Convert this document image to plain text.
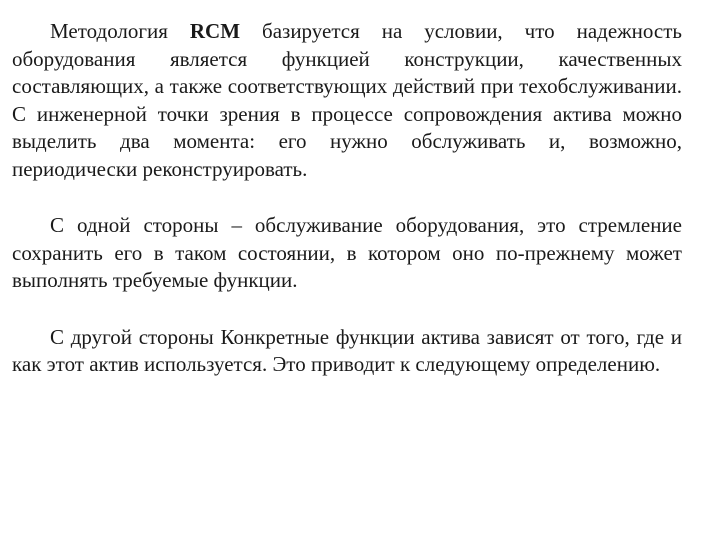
Методология RCM базируется на условии, что надежность оборудования является функцией конструкции, качественных составляющих, а также соответствующих действий при техобслуживании. С инженерной точки зрения в процессе сопровождения актива можно выделить два момента: его нужно обслуживать и, возможно, периодически реконструировать.

С одной стороны – обслуживание оборудования, это стремление сохранить его в таком состоянии, в котором оно по-прежнему может выполнять требуемые функции.

С другой стороны Конкретные функции актива зависят от того, где и как этот актив используется. Это приводит к следующему определению.
